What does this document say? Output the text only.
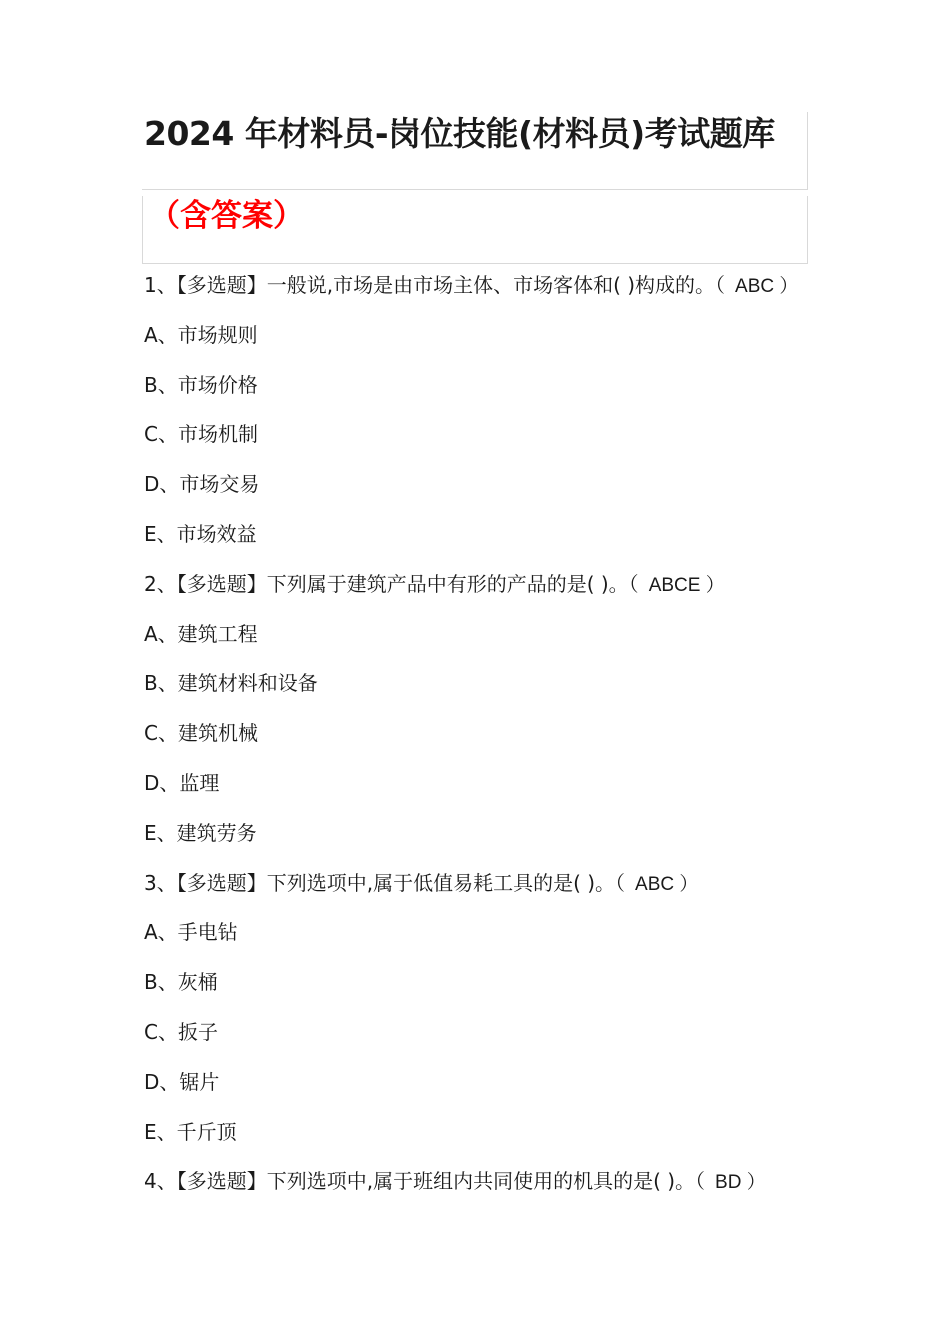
2024 年材料员-岗位技能(材料员)考试题库
（含答案）
1、【多选题】一般说,市场是由市场主体、市场客体和( )构成的。（ ABC ）
A、市场规则
B、市场价格
C、市场机制
D、市场交易
E、市场效益
2、【多选题】下列属于建筑产品中有形的产品的是( )。（ ABCE ）
A、建筑工程
B、建筑材料和设备
C、建筑机械
D、监理
E、建筑劳务
3、【多选题】下列选项中,属于低值易耗工具的是( )。（ ABC ）
A、手电钻
B、灰桶
C、扳子
D、锯片
E、千斤顶
4、【多选题】下列选项中,属于班组内共同使用的机具的是( )。（ BD ）
